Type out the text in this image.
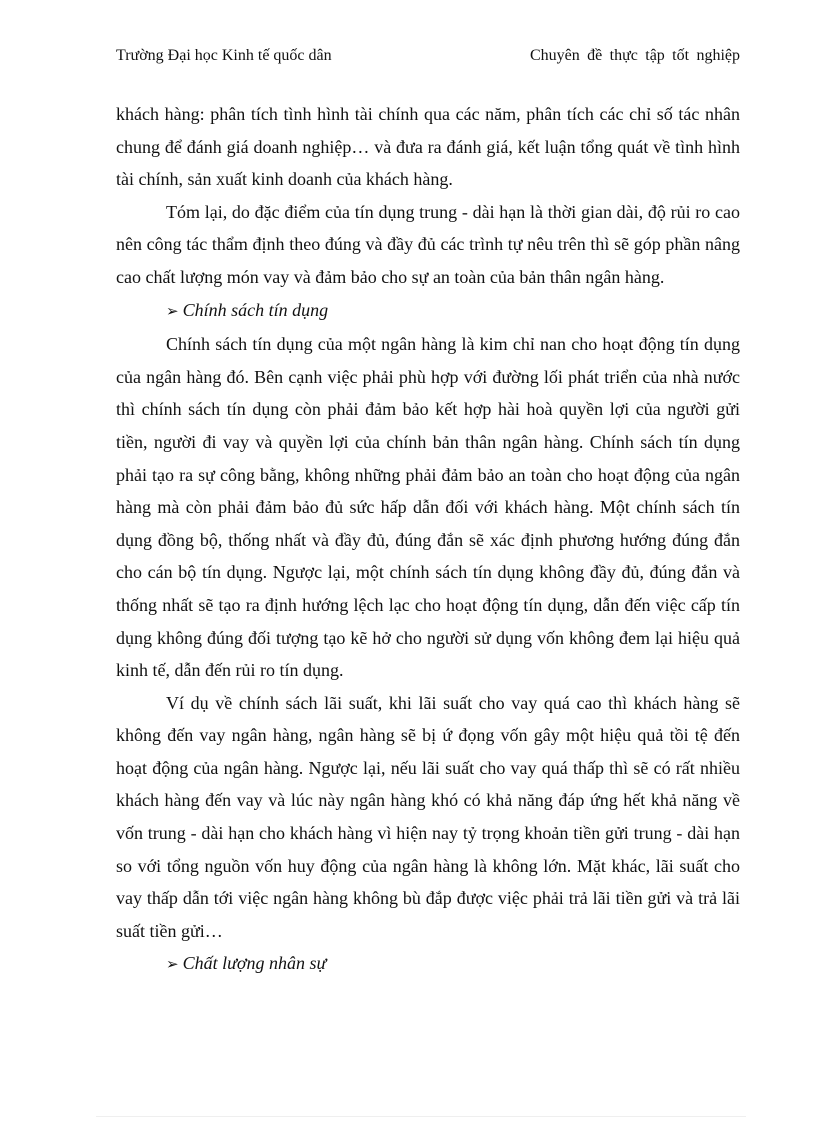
Trường Đại học Kinh tế quốc dân	Chuyên đề thực tập tốt nghiệp

khách hàng: phân tích tình hình tài chính qua các năm, phân tích các chỉ số tác nhân chung để đánh giá doanh nghiệp… và đưa ra đánh giá, kết luận tổng quát về tình hình tài chính, sản xuất kinh doanh của khách hàng.

Tóm lại, do đặc điểm của tín dụng trung - dài hạn là thời gian dài, độ rủi ro cao nên công tác thẩm định theo đúng và đầy đủ các trình tự nêu trên thì sẽ góp phần nâng cao chất lượng món vay và đảm bảo cho sự an toàn của bản thân ngân hàng.

➢ Chính sách tín dụng

Chính sách tín dụng của một ngân hàng là kim chỉ nan cho hoạt động tín dụng của ngân hàng đó. Bên cạnh việc phải phù hợp với đường lối phát triển của nhà nước thì chính sách tín dụng còn phải đảm bảo kết hợp hài hoà quyền lợi của người gửi tiền, người đi vay và quyền lợi của chính bản thân ngân hàng. Chính sách tín dụng phải tạo ra sự công bằng, không những phải đảm bảo an toàn cho hoạt động của ngân hàng mà còn phải đảm bảo đủ sức hấp dẫn đối với khách hàng. Một chính sách tín dụng đồng bộ, thống nhất và đầy đủ, đúng đắn sẽ xác định phương hướng đúng đắn cho cán bộ tín dụng. Ngược lại, một chính sách tín dụng không đầy đủ, đúng đắn và thống nhất sẽ tạo ra định hướng lệch lạc cho hoạt động tín dụng, dẫn đến việc cấp tín dụng không đúng đối tượng tạo kẽ hở cho người sử dụng vốn không đem lại hiệu quả kinh tế, dẫn đến rủi ro tín dụng.

Ví dụ về chính sách lãi suất, khi lãi suất cho vay quá cao thì khách hàng sẽ không đến vay ngân hàng, ngân hàng sẽ bị ứ đọng vốn gây một hiệu quả tồi tệ đến hoạt động của ngân hàng. Ngược lại, nếu lãi suất cho vay quá thấp thì sẽ có rất nhiều khách hàng đến vay và lúc này ngân hàng khó có khả năng đáp ứng hết khả năng về vốn trung - dài hạn cho khách hàng vì hiện nay tỷ trọng khoản tiền gửi trung - dài hạn so với tổng nguồn vốn huy động của ngân hàng là không lớn. Mặt khác, lãi suất cho vay thấp dẫn tới việc ngân hàng không bù đắp được việc phải trả lãi tiền gửi và trả lãi suất tiền gửi…

➢ Chất lượng nhân sự
